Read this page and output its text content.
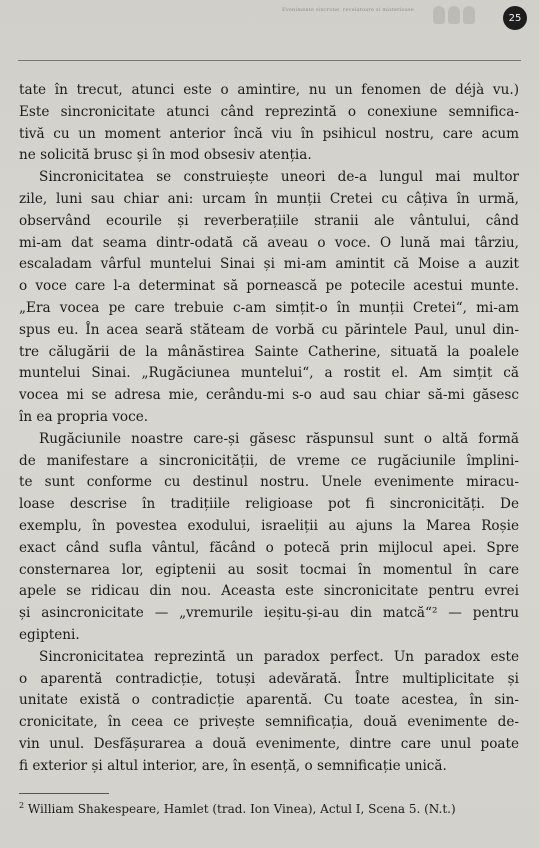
Evenimente sincrone, revelatoare si misterioase
25
tate în trecut, atunci este o amintire, nu un fenomen de déjà vu.)
Este sincronicitate atunci când reprezintă o conexiune semnifica-
tivă cu un moment anterior încă viu în psihicul nostru, care acum
ne solicită brusc și în mod obsesiv atenția.
Sincronicitatea se construiește uneori de-a lungul mai multor
zile, luni sau chiar ani: urcam în munții Cretei cu câțiva în urmă,
observând ecourile și reverberațiile stranii ale vântului, când
mi-am dat seama dintr-odată că aveau o voce. O lună mai târziu,
escaladam vârful muntelui Sinai și mi-am amintit că Moise a auzit
o voce care l-a determinat să pornească pe potecile acestui munte.
„Era vocea pe care trebuie c-am simțit-o în munții Cretei“, mi-am
spus eu. În acea seară stăteam de vorbă cu părintele Paul, unul din-
tre călugării de la mânăstirea Sainte Catherine, situată la poalele
muntelui Sinai. „Rugăciunea muntelui“, a rostit el. Am simțit că
vocea mi se adresa mie, cerându-mi s-o aud sau chiar să-mi găsesc
în ea propria voce.
Rugăciunile noastre care-și găsesc răspunsul sunt o altă formă
de manifestare a sincronicității, de vreme ce rugăciunile împlini-
te sunt conforme cu destinul nostru. Unele evenimente miracu-
loase descrise în tradițiile religioase pot fi sincronicități. De
exemplu, în povestea exodului, israeliții au ajuns la Marea Roșie
exact când sufla vântul, făcând o potecă prin mijlocul apei. Spre
consternarea lor, egiptenii au sosit tocmai în momentul în care
apele se ridicau din nou. Aceasta este sincronicitate pentru evrei
și asincronicitate — „vremurile ieșitu-și-au din matcă“² — pentru
egipteni.
Sincronicitatea reprezintă un paradox perfect. Un paradox este
o aparentă contradicție, totuși adevărată. Între multiplicitate și
unitate există o contradicție aparentă. Cu toate acestea, în sin-
cronicitate, în ceea ce privește semnificația, două evenimente de-
vin unul. Desfășurarea a două evenimente, dintre care unul poate
fi exterior și altul interior, are, în esență, o semnificație unică.
$^2$ William Shakespeare, Hamlet (trad. Ion Vinea), Actul I, Scena 5. (N.t.)
